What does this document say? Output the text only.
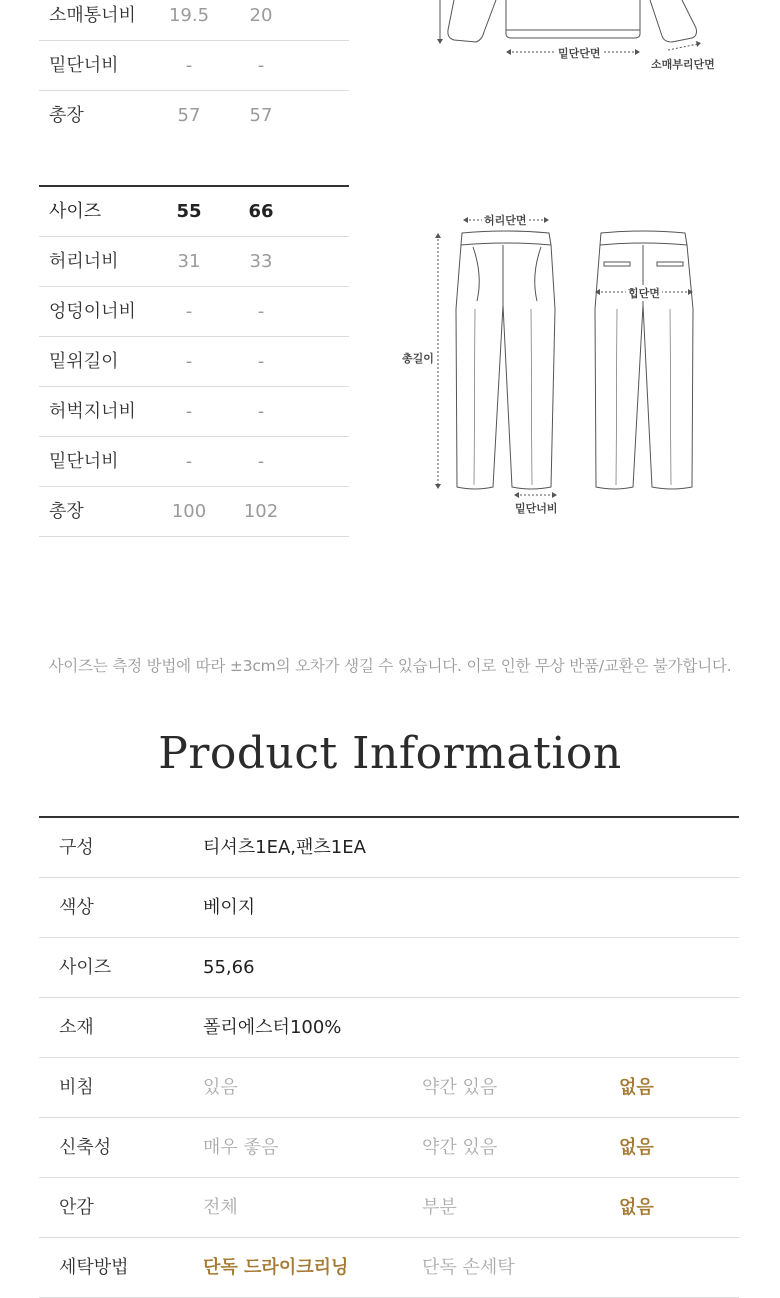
소매통너비 19.5 20
밑단너비	-	-
총장	57	57
밑단단면
소매부리단면
사이즈	55	66
허리너비	31	33
엉덩이너비	-	-
밑위길이	-	-
허벅지너비	-	-
밑단너비	-	-
총장	100 102
허리단면
힙단면
총길이
밑단너비
사이즈는 측정 방법에 따라 ±3cm의 오차가 생길 수 있습니다. 이로 인한 무상 반품/교환은 불가합니다.
Product Information
구성	티셔츠1EA,팬츠1EA
색상	베이지
사이즈	55,66
소재	폴리에스터100%
비침	있음	약간 있음	없음
신축성	매우 좋음	약간 있음	없음
안감	전체	부분	없음
세탁방법	단독 드라이크리닝	단독 손세탁
